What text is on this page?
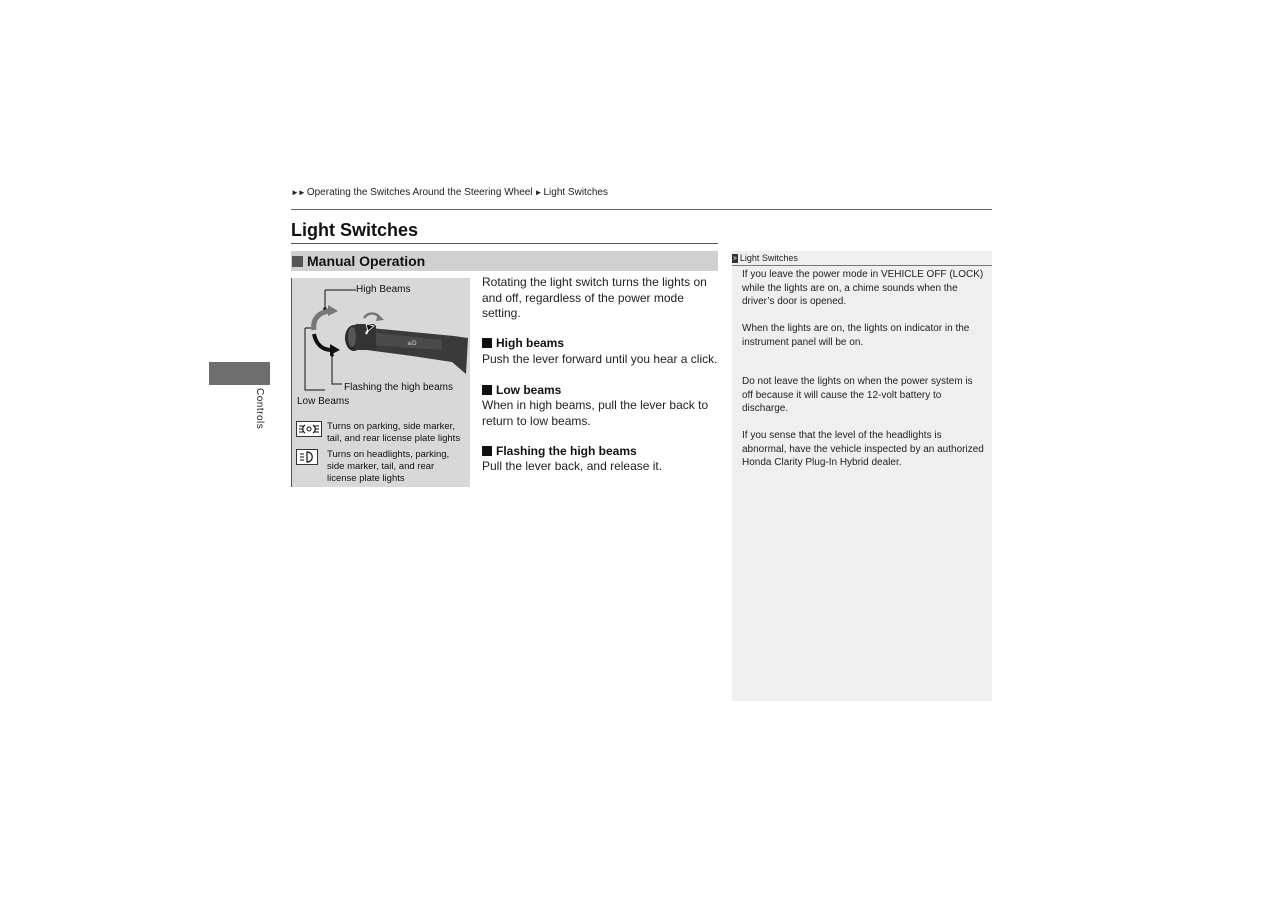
►► Operating the Switches Around the Steering Wheel ► Light Switches
Controls
Light Switches
Manual Operation
≡D
High Beams
Flashing the high beams
Low Beams
Turns on parking, side marker, tail, and rear license plate lights
Turns on headlights, parking, side marker, tail, and rear license plate lights
Rotating the light switch turns the lights on and off, regardless of the power mode setting.
High beams
Push the lever forward until you hear a click.
Low beams
When in high beams, pull the lever back to return to low beams.
Flashing the high beams
Pull the lever back, and release it.
» Light Switches
If you leave the power mode in VEHICLE OFF (LOCK) while the lights are on, a chime sounds when the driver’s door is opened.
When the lights are on, the lights on indicator in the instrument panel will be on.
Do not leave the lights on when the power system is off because it will cause the 12-volt battery to discharge.
If you sense that the level of the headlights is abnormal, have the vehicle inspected by an authorized Honda Clarity Plug-In Hybrid dealer.
